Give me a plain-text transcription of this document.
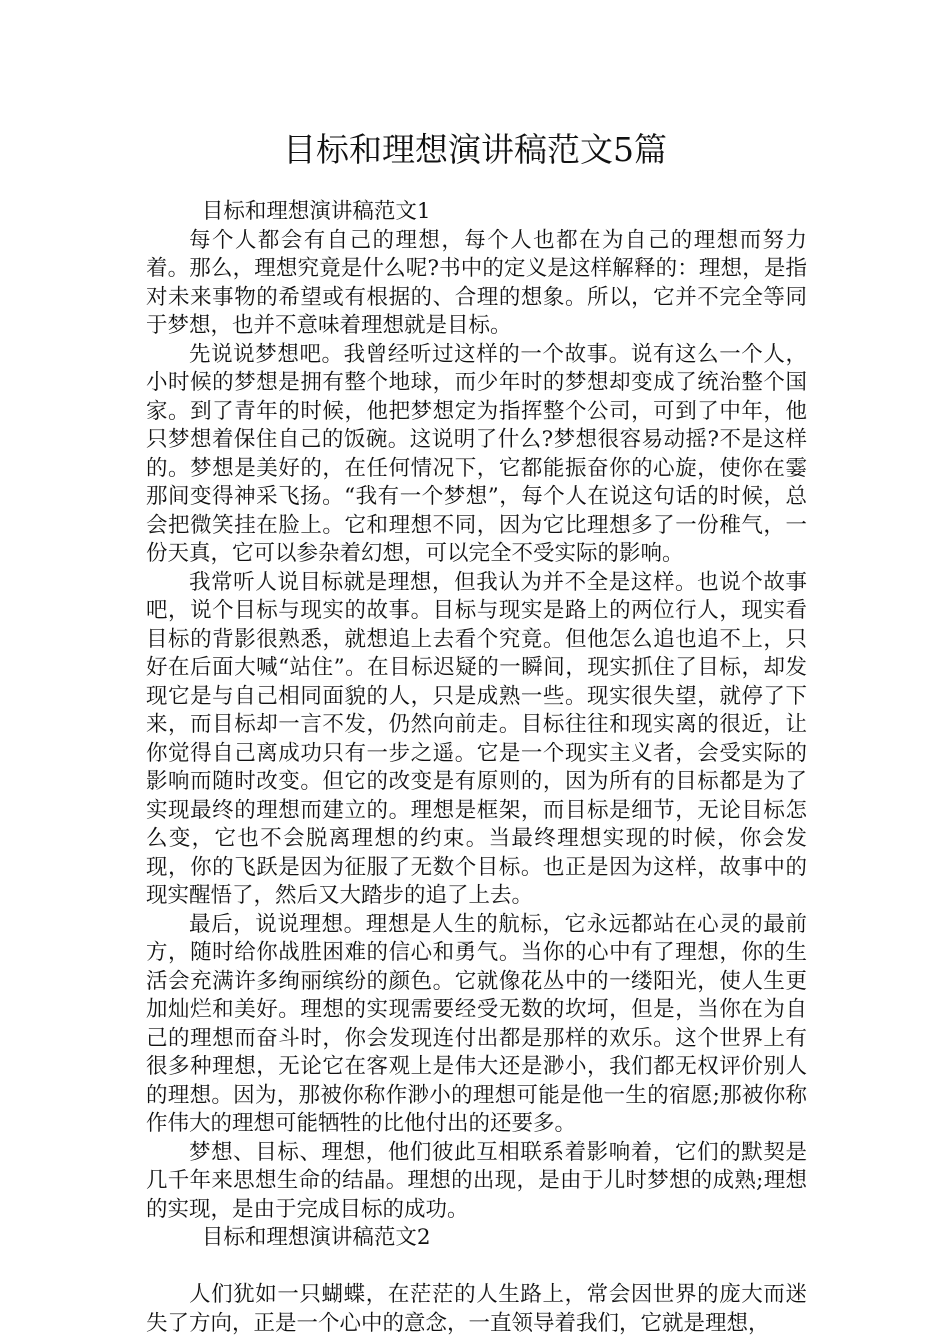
目标和理想演讲稿范文5篇

目标和理想演讲稿范文1

每个人都会有自己的理想，每个人也都在为自己的理想而努力着。那么，理想究竟是什么呢?书中的定义是这样解释的：理想，是指对未来事物的希望或有根据的、合理的想象。所以，它并不完全等同于梦想，也并不意味着理想就是目标。

先说说梦想吧。我曾经听过这样的一个故事。说有这么一个人，小时候的梦想是拥有整个地球，而少年时的梦想却变成了统治整个国家。到了青年的时候，他把梦想定为指挥整个公司，可到了中年，他只梦想着保住自己的饭碗。这说明了什么?梦想很容易动摇?不是这样的。梦想是美好的，在任何情况下，它都能振奋你的心旋，使你在霎那间变得神采飞扬。“我有一个梦想”，每个人在说这句话的时候，总会把微笑挂在脸上。它和理想不同，因为它比理想多了一份稚气，一份天真，它可以参杂着幻想，可以完全不受实际的影响。

我常听人说目标就是理想，但我认为并不全是这样。也说个故事吧，说个目标与现实的故事。目标与现实是路上的两位行人，现实看目标的背影很熟悉，就想追上去看个究竟。但他怎么追也追不上，只好在后面大喊“站住”。在目标迟疑的一瞬间，现实抓住了目标，却发现它是与自己相同面貌的人，只是成熟一些。现实很失望，就停了下来，而目标却一言不发，仍然向前走。目标往往和现实离的很近，让你觉得自己离成功只有一步之遥。它是一个现实主义者，会受实际的影响而随时改变。但它的改变是有原则的，因为所有的目标都是为了实现最终的理想而建立的。理想是框架，而目标是细节，无论目标怎么变，它也不会脱离理想的约束。当最终理想实现的时候，你会发现，你的飞跃是因为征服了无数个目标。也正是因为这样，故事中的现实醒悟了，然后又大踏步的追了上去。

最后，说说理想。理想是人生的航标，它永远都站在心灵的最前方，随时给你战胜困难的信心和勇气。当你的心中有了理想，你的生活会充满许多绚丽缤纷的颜色。它就像花丛中的一缕阳光，使人生更加灿烂和美好。理想的实现需要经受无数的坎坷，但是，当你在为自己的理想而奋斗时，你会发现连付出都是那样的欢乐。这个世界上有很多种理想，无论它在客观上是伟大还是渺小，我们都无权评价别人的理想。因为，那被你称作渺小的理想可能是他一生的宿愿;那被你称作伟大的理想可能牺牲的比他付出的还要多。

梦想、目标、理想，他们彼此互相联系着影响着，它们的默契是几千年来思想生命的结晶。理想的出现，是由于儿时梦想的成熟;理想的实现，是由于完成目标的成功。

目标和理想演讲稿范文2

人们犹如一只蝴蝶，在茫茫的人生路上，常会因世界的庞大而迷失了方向，正是一个心中的意念，一直领导着我们，它就是理想，
